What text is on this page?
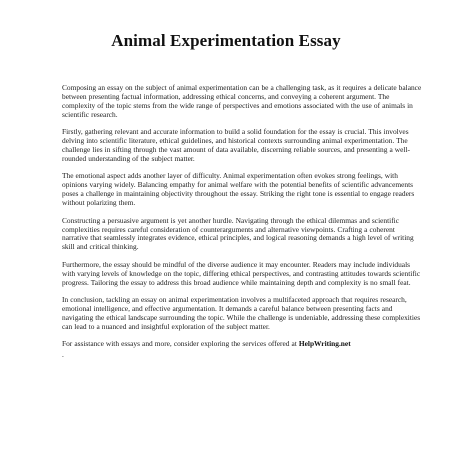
Animal Experimentation Essay

Composing an essay on the subject of animal experimentation can be a challenging task, as it requires a delicate balance between presenting factual information, addressing ethical concerns, and conveying a coherent argument. The complexity of the topic stems from the wide range of perspectives and emotions associated with the use of animals in scientific research.

Firstly, gathering relevant and accurate information to build a solid foundation for the essay is crucial. This involves delving into scientific literature, ethical guidelines, and historical contexts surrounding animal experimentation. The challenge lies in sifting through the vast amount of data available, discerning reliable sources, and presenting a well-rounded understanding of the subject matter.

The emotional aspect adds another layer of difficulty. Animal experimentation often evokes strong feelings, with opinions varying widely. Balancing empathy for animal welfare with the potential benefits of scientific advancements poses a challenge in maintaining objectivity throughout the essay. Striking the right tone is essential to engage readers without polarizing them.

Constructing a persuasive argument is yet another hurdle. Navigating through the ethical dilemmas and scientific complexities requires careful consideration of counterarguments and alternative viewpoints. Crafting a coherent narrative that seamlessly integrates evidence, ethical principles, and logical reasoning demands a high level of writing skill and critical thinking.

Furthermore, the essay should be mindful of the diverse audience it may encounter. Readers may include individuals with varying levels of knowledge on the topic, differing ethical perspectives, and contrasting attitudes towards scientific progress. Tailoring the essay to address this broad audience while maintaining depth and complexity is no small feat.

In conclusion, tackling an essay on animal experimentation involves a multifaceted approach that requires research, emotional intelligence, and effective argumentation. It demands a careful balance between presenting facts and navigating the ethical landscape surrounding the topic. While the challenge is undeniable, addressing these complexities can lead to a nuanced and insightful exploration of the subject matter.

For assistance with essays and more, consider exploring the services offered at HelpWriting.net

.
